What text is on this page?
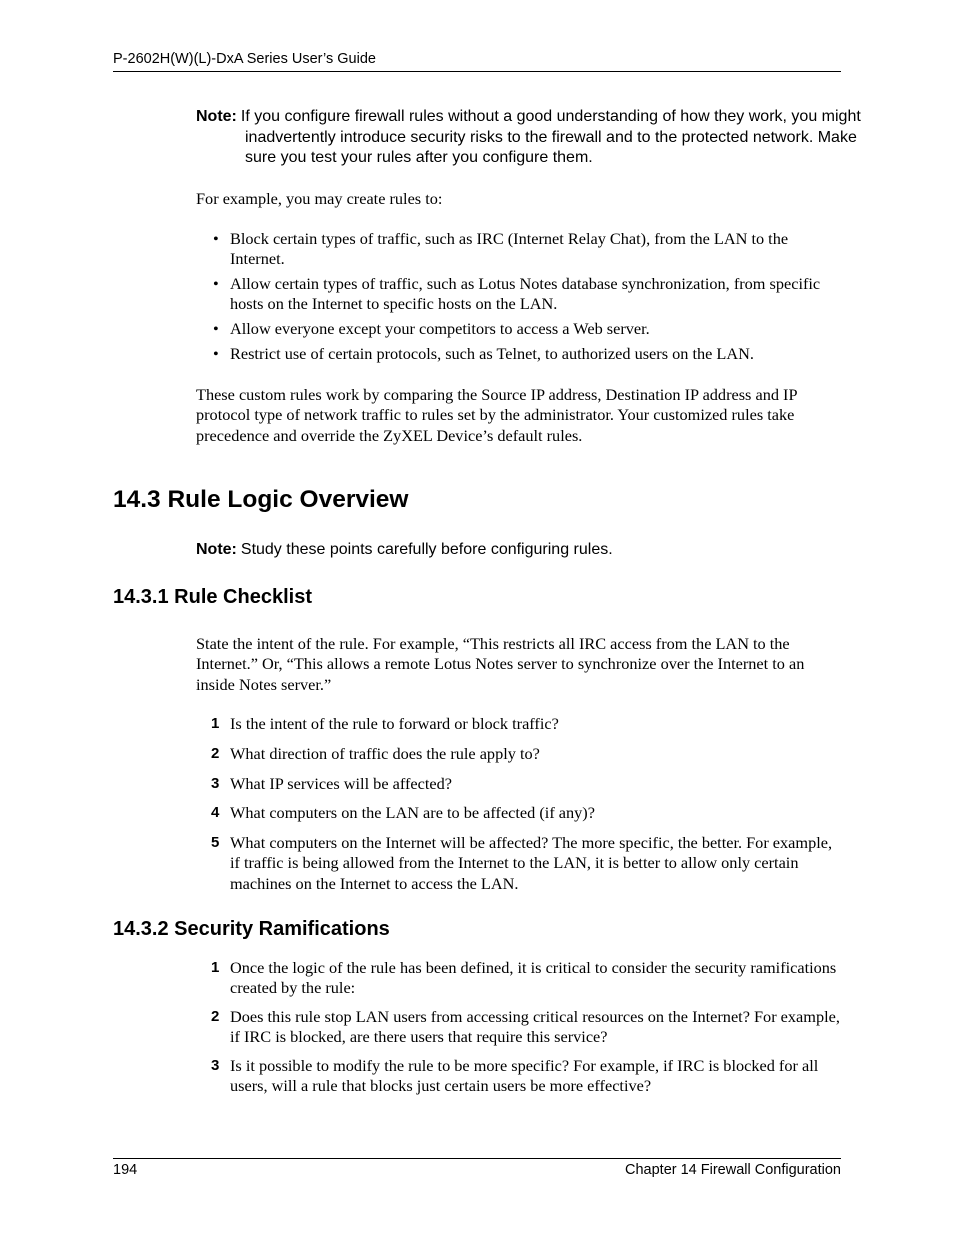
P-2602H(W)(L)-DxA Series User’s Guide
Note: If you configure firewall rules without a good understanding of how they work, you might inadvertently introduce security risks to the firewall and to the protected network. Make sure you test your rules after you configure them.
For example, you may create rules to:
• Block certain types of traffic, such as IRC (Internet Relay Chat), from the LAN to the Internet.
• Allow certain types of traffic, such as Lotus Notes database synchronization, from specific hosts on the Internet to specific hosts on the LAN.
• Allow everyone except your competitors to access a Web server.
• Restrict use of certain protocols, such as Telnet, to authorized users on the LAN.
These custom rules work by comparing the Source IP address, Destination IP address and IP protocol type of network traffic to rules set by the administrator. Your customized rules take precedence and override the ZyXEL Device’s default rules.
14.3 Rule Logic Overview
Note: Study these points carefully before configuring rules.
14.3.1 Rule Checklist
State the intent of the rule. For example, “This restricts all IRC access from the LAN to the Internet.” Or, “This allows a remote Lotus Notes server to synchronize over the Internet to an inside Notes server.”
1 Is the intent of the rule to forward or block traffic?
2 What direction of traffic does the rule apply to?
3 What IP services will be affected?
4 What computers on the LAN are to be affected (if any)?
5 What computers on the Internet will be affected? The more specific, the better. For example, if traffic is being allowed from the Internet to the LAN, it is better to allow only certain machines on the Internet to access the LAN.
14.3.2 Security Ramifications
1 Once the logic of the rule has been defined, it is critical to consider the security ramifications created by the rule:
2 Does this rule stop LAN users from accessing critical resources on the Internet? For example, if IRC is blocked, are there users that require this service?
3 Is it possible to modify the rule to be more specific? For example, if IRC is blocked for all users, will a rule that blocks just certain users be more effective?
194	Chapter 14 Firewall Configuration
